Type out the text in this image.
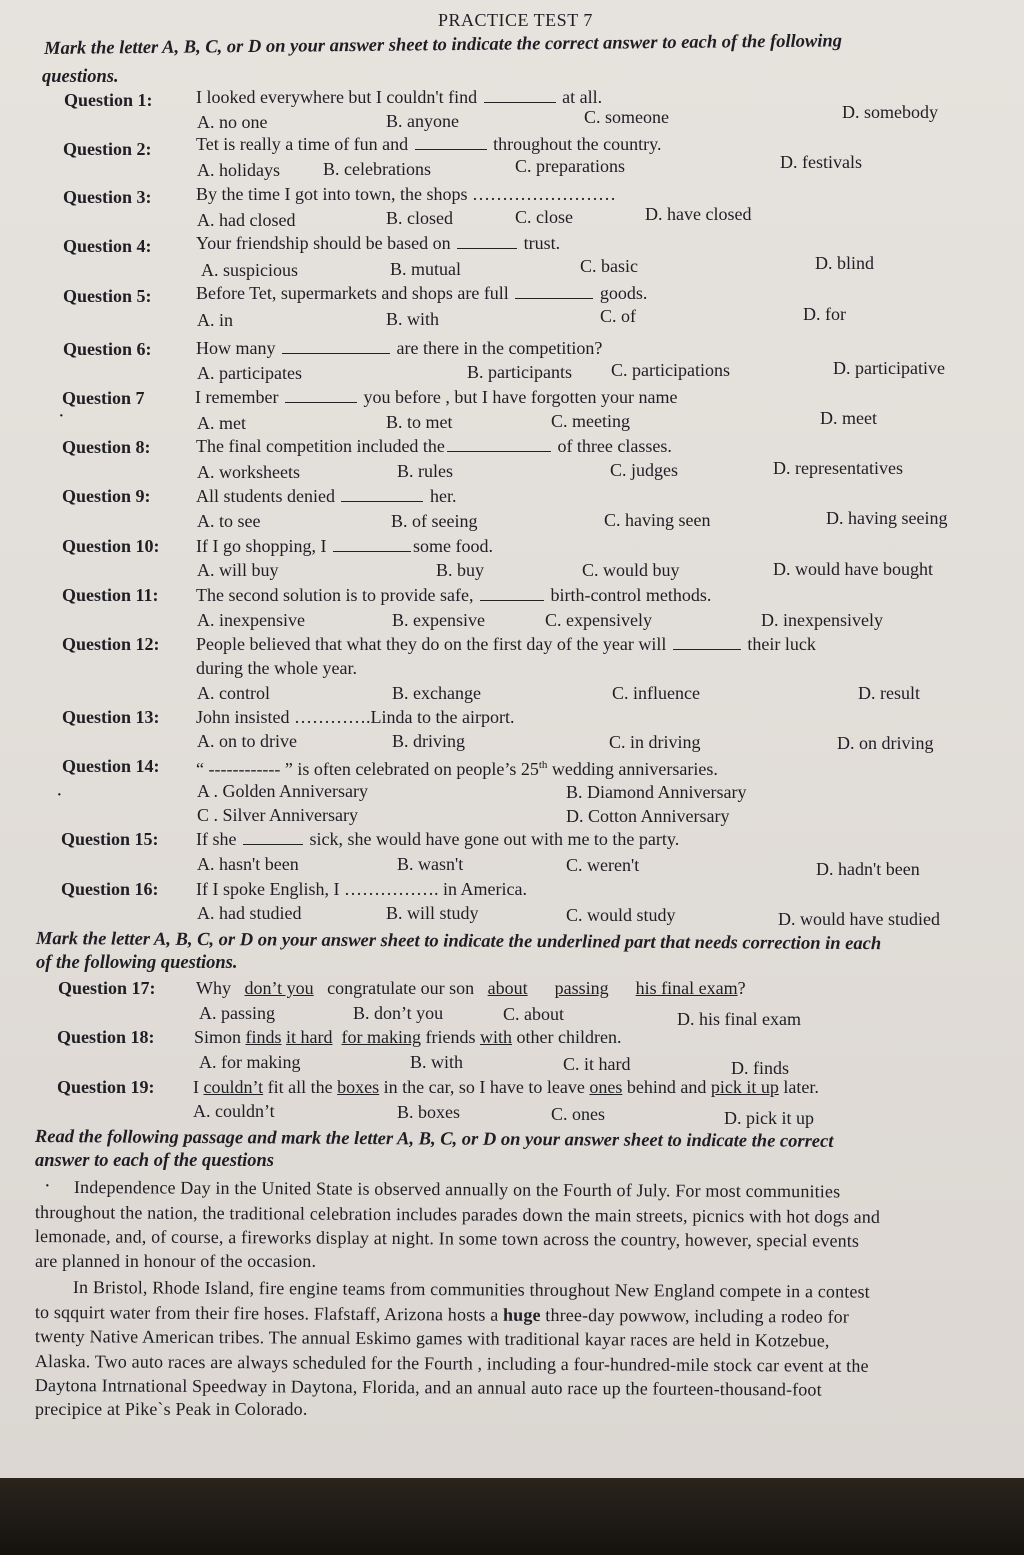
PRACTICE TEST 7
Mark the letter A, B, C, or D on your answer sheet to indicate the correct answer to each of the following
questions.
Question 1: I looked everywhere but I couldn't find	at all.
A. no one	B. anyone	C. someone	D. somebody
Question 2: Tet is really a time of fun and	throughout the country.
A. holidays B. celebrations	C. preparations	D. festivals
Question 3: By the time I got into town, the shops ……………………
A. had closed	B. closed	C. close	D. have closed
Question 4: Your friendship should be based on	trust.
A. suspicious	B. mutual	C. basic	D. blind
Question 5: Before Tet, supermarkets and shops are full	goods.
A. in	B. with	C. of	D. for
Question 6: How many	are there in the competition?
A. participates	B. participants C. participations	D. participative
Question 7
·
I remember	you before , but I have forgotten your name
A. met	B. to met	C. meeting	D. meet
Question 8:	The final competition included the	of three classes.
A. worksheets	B. rules	C. judges	D. representatives
Question 9:	All students denied	her.
A. to see	B. of seeing	C. having seen	D. having seeing
Question 10: If I go shopping, I	some food.
A. will buy	B. buy	C. would buy	D. would have bought
Question 11: The second solution is to provide safe,	birth-control methods.
A. inexpensive	B. expensive	C. expensively	D. inexpensively
Question 12: People believed that what they do on the first day of the year will	their luck
during the whole year.
A. control	B. exchange	C. influence	D. result
Question 13: John insisted ………….Linda to the airport.
A. on to drive	B. driving	C. in driving	D. on driving
Question 14: “ ------------ ” is often celebrated on people’s 25th wedding anniversaries.
·	A . Golden Anniversary	B. Diamond Anniversary
C . Silver Anniversary	D. Cotton Anniversary
Question 15: If she	sick, she would have gone out with me to the party.
A. hasn't been	B. wasn't	C. weren't	D. hadn't been
Question 16: If I spoke English, I ……………. in America.
A. had studied	B. will study	C. would study	D. would have studied
Mark the letter A, B, C, or D on your answer sheet to indicate the underlined part that needs correction in each
of the following questions.
Question 17: Why don’t you congratulate our son about passing his final exam?
A. passing	B. don’t you	C. about	D. his final exam
Question 18: Simon finds it hard for making friends with other children.
A. for making	B. with	C. it hard	D. finds
Question 19: I couldn’t fit all the boxes in the car, so I have to leave ones behind and pick it up later.
A. couldn’t	B. boxes	C. ones	D. pick it up
Read the following passage and mark the letter A, B, C, or D on your answer sheet to indicate the correct
answer to each of the questions
· Independence Day in the United State is observed annually on the Fourth of July. For most communities
throughout the nation, the traditional celebration includes parades down the main streets, picnics with hot dogs and
lemonade, and, of course, a fireworks display at night. In some town across the country, however, special events
are planned in honour of the occasion.
In Bristol, Rhode Island, fire engine teams from communities throughout New England compete in a contest
to sqquirt water from their fire hoses. Flafstaff, Arizona hosts a huge three-day powwow, including a rodeo for
twenty Native American tribes. The annual Eskimo games with traditional kayar races are held in Kotzebue,
Alaska. Two auto races are always scheduled for the Fourth , including a four-hundred-mile stock car event at the
Daytona Intrnational Speedway in Daytona, Florida, and an annual auto race up the fourteen-thousand-foot
precipice at Pike`s Peak in Colorado.
